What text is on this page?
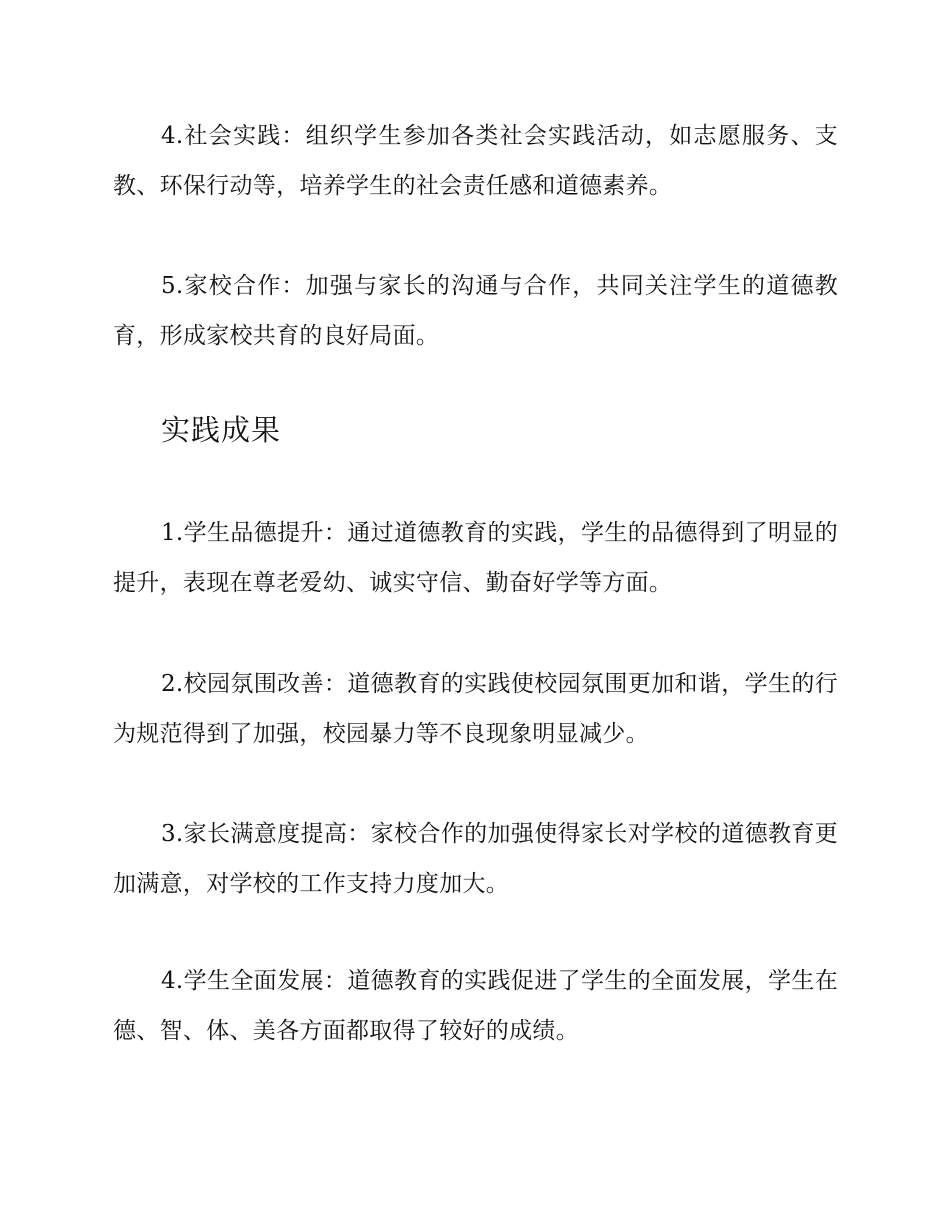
4.社会实践：组织学生参加各类社会实践活动，如志愿服务、支教、环保行动等，培养学生的社会责任感和道德素养。

5.家校合作：加强与家长的沟通与合作，共同关注学生的道德教育，形成家校共育的良好局面。

实践成果

1.学生品德提升：通过道德教育的实践，学生的品德得到了明显的提升，表现在尊老爱幼、诚实守信、勤奋好学等方面。

2.校园氛围改善：道德教育的实践使校园氛围更加和谐，学生的行为规范得到了加强，校园暴力等不良现象明显减少。

3.家长满意度提高：家校合作的加强使得家长对学校的道德教育更加满意，对学校的工作支持力度加大。

4.学生全面发展：道德教育的实践促进了学生的全面发展，学生在德、智、体、美各方面都取得了较好的成绩。
